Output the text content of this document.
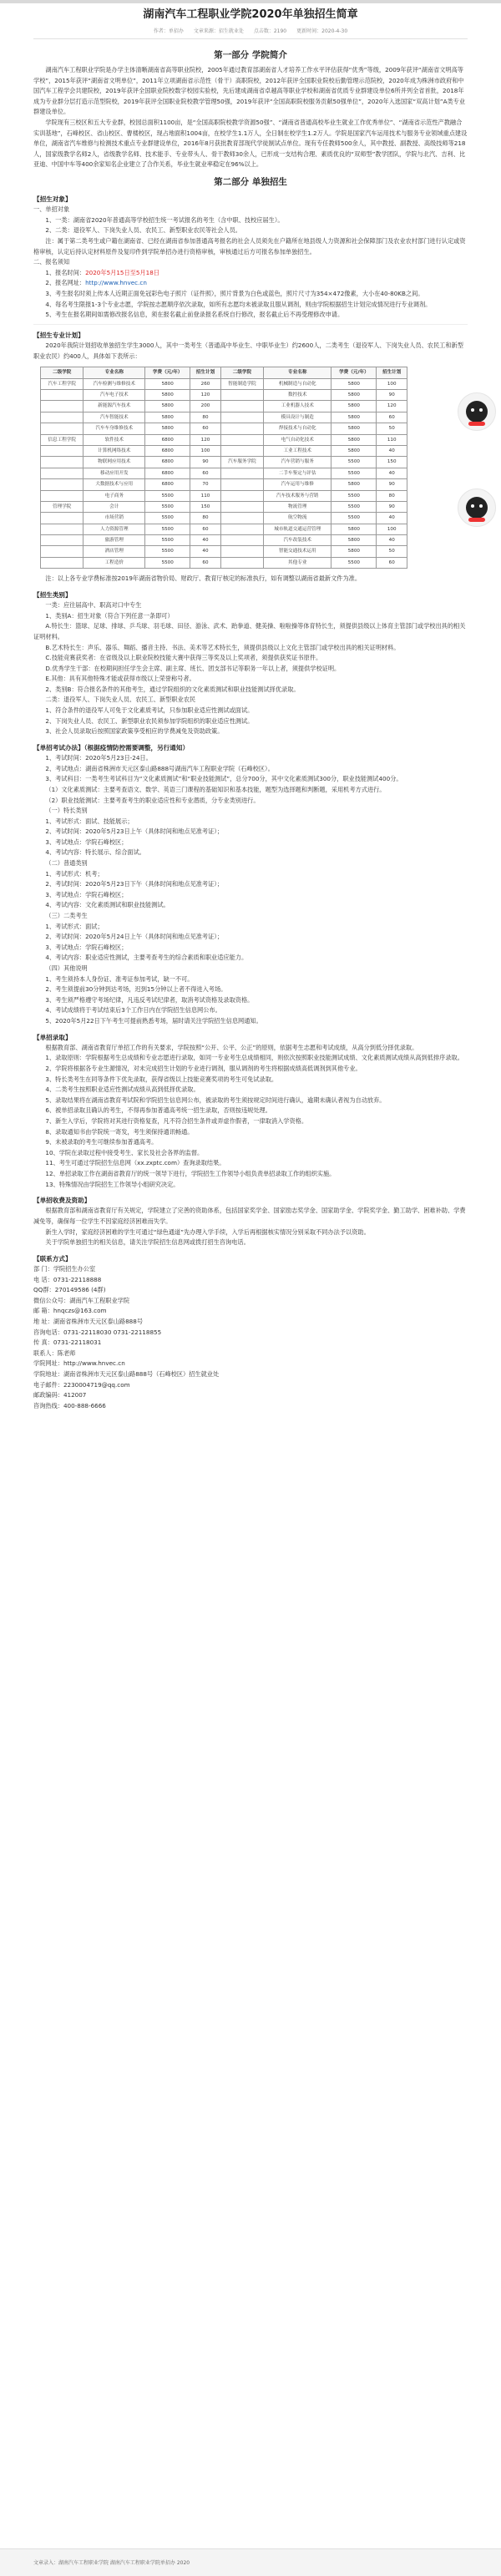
湖南汽车工程职业学院2020年单独招生简章
作者：单招办 文章来源：招生就业处 点击数：2190 更新时间：2020-4-30
第一部分 学院简介

湖南汽车工程职业学院是办学主体清晰湖南省高等职业院校，2005年通过教育部湖南省人才培养工作水平评估获得“优秀”等级，2009年获评“湖南省文明高等学校”，2015年获评“湖南省文明单位”，2011年立项湖南省示范性（骨干）高职院校，2012年获评全国职业院校后勤管理示范院校，2020年成为株洲市政府和中国汽车工程学会共建院校，2019年获评全国职业院校数字校园实验校，先后建成湖南省卓越高等职业学校和湖南省优质专业群建设单位6所并列全省首批，2018年成为专业群分层打造示范型院校，2019年获评全国职业院校教学管理50强，2019年获评“全国高职院校服务贡献50强单位”，2020年入选国家“双高计划”A类专业群建设单位。

学院现有三校区和五大专业群，校园总面积1100亩，是“全国高职院校教学资源50强”、“湖南省普通高校毕业生就业工作优秀单位”、“湖南省示范性产教融合实训基地”，石峰校区、省山校区、曹楼校区，现占地面积1004亩，在校学生1.1万人，全日制在校学生1.2万人。学院是国家汽车运用技术与服务专业领域重点建设单位，湖南省汽车维修与检测技术重点专业群建设单位，2016年8月获批教育部现代学徒制试点单位。现有专任教师500余人，其中教授、副教授、高级技师等218人，国家级教学名师2人，省级教学名师、技术能手、专业带头人、骨干教师30余人，已形成一支结构合理、素质优良的“双师型”教学团队，学院与北汽、吉利、比亚迪、中国中车等400余家知名企业建立了合作关系，毕业生就业率稳定在96%以上。

第二部分 单独招生
【招生对象】

一、单招对象

1、一类：湖南省2020年普通高等学校招生统一考试报名的考生（含中职、技校应届生）。

2、二类：退役军人、下岗失业人员、农民工、新型职业农民等社会人员。

注：属于第二类考生或户籍在湖南省、已经在湖南省参加普通高考报名的社会人员须先在户籍所在地县级人力资源和社会保障部门及农业农村部门进行认定或资格审核，认定后持认定材料原件及复印件到学院单招办进行资格审核，审核通过后方可报名参加单独招生。

二、报名须知

1、报名时间：2020年5月15日至5月18日

2、报名网址：http://www.hnvec.cn

3、考生报名时须上传本人近期正面免冠彩色电子照片（证件照），照片背景为白色或蓝色，照片尺寸为354×472像素，大小在40-80KB之间。

4、每名考生限报1-3个专业志愿，学院按志愿顺序依次录取，如所有志愿均未被录取且服从调剂，则由学院根据招生计划完成情况进行专业调剂。

5、考生在报名期间如需修改报名信息，须在报名截止前登录报名系统自行修改，报名截止后不再受理修改申请。

【招生专业计划】

2020年我院计划招收单独招生学生3000人，其中一类考生（普通高中毕业生、中职毕业生）约2600人，二类考生（退役军人、下岗失业人员、农民工和新型职业农民）约400人，具体如下表所示：

二级学院	专业名称	学费（元/年）	招生计划	二级学院	专业名称	学费（元/年）	招生计划
汽车工程学院	汽车检测与维修技术	5800	260	智能制造学院	机械制造与自动化	5800	100
	汽车电子技术	5800	120		数控技术	5800	90
	新能源汽车技术	5800	200		工业机器人技术	5800	120
	汽车智能技术	5800	80		模具设计与制造	5800	60
	汽车车身维修技术	5800	60		焊接技术与自动化	5800	50
信息工程学院	软件技术	6800	120		电气自动化技术	5800	110
	计算机网络技术	6800	100		工业工程技术	5800	40
	物联网应用技术	6800	90	汽车服务学院	汽车营销与服务	5500	150
	移动应用开发	6800	60		二手车鉴定与评估	5500	40
	大数据技术与应用	6800	70		汽车运用与维修	5800	90
	电子商务	5500	110		汽车技术服务与营销	5500	80
管理学院	会计	5500	150		物流管理	5500	90
	市场营销	5500	80		航空物流	5500	40
	人力资源管理	5500	60		城市轨道交通运营管理	5800	100
	旅游管理	5500	40		汽车改装技术	5800	40
	酒店管理	5500	40		智能交通技术运用	5800	50
	工程造价	5500	60		其他专业	5500	60

注：以上各专业学费标准按2019年湖南省物价局、财政厅、教育厅核定的标准执行，如有调整以湖南省最新文件为准。

【招生类别】

一类：应往届高中、职高对口中专生

1、类别A：招生对象（符合下列任意一条即可）

A.特长生：篮球、足球、排球、乒乓球、羽毛球、田径、游泳、武术、跆拳道、健美操、啦啦操等体育特长生，须提供县级以上体育主管部门或学校出具的相关证明材料。

B.艺术特长生：声乐、器乐、舞蹈、播音主持、书法、美术等艺术特长生，须提供县级以上文化主管部门或学校出具的相关证明材料。

C.技能竞赛获奖者：在省级及以上职业院校技能大赛中获得三等奖及以上奖项者，须提供获奖证书原件。

D.优秀学生干部：在校期间担任学生会主席、副主席、班长、团支部书记等职务一年以上者，须提供学校证明。

E.其他：具有其他特殊才能或获得市级以上荣誉称号者。

2、类别B：符合报名条件的其他考生，通过学院组织的文化素质测试和职业技能测试择优录取。

二类：退役军人、下岗失业人员、农民工、新型职业农民

1、符合条件的退役军人可免于文化素质考试，只参加职业适应性测试或面试。

2、下岗失业人员、农民工、新型职业农民须参加学院组织的职业适应性测试。

3、社会人员录取后按照国家政策享受相应的学费减免及资助政策。

【单招考试办法】（根据疫情防控需要调整，另行通知）

1、考试时间：2020年5月23日-24日。

2、考试地点：湖南省株洲市天元区泰山路888号湖南汽车工程职业学院（石峰校区）。

3、考试科目：一类考生考试科目为“文化素质测试”和“职业技能测试”，总分700分，其中文化素质测试300分，职业技能测试400分。

（1）文化素质测试：主要考查语文、数学、英语三门课程的基础知识和基本技能，题型为选择题和判断题，采用机考方式进行。

（2）职业技能测试：主要考查考生的职业适应性和专业潜质，分专业类别进行。

（一）特长类别

1、考试形式：面试、技能展示；

2、考试时间：2020年5月23日上午（具体时间和地点见准考证）；

3、考试地点：学院石峰校区；

4、考试内容：特长展示、综合面试。

（二）普通类别

1、考试形式：机考；

2、考试时间：2020年5月23日下午（具体时间和地点见准考证）；

3、考试地点：学院石峰校区；

4、考试内容：文化素质测试和职业技能测试。

（三）二类考生

1、考试形式：面试；

2、考试时间：2020年5月24日上午（具体时间和地点见准考证）；

3、考试地点：学院石峰校区；

4、考试内容：职业适应性测试，主要考查考生的综合素质和职业适应能力。

（四）其他说明

1、考生须持本人身份证、准考证参加考试，缺一不可。

2、考生须提前30分钟到达考场，迟到15分钟以上者不得进入考场。

3、考生须严格遵守考场纪律，凡违反考试纪律者，取消考试资格及录取资格。

4、考试成绩将于考试结束后3个工作日内在学院招生信息网公布。

5、2020年5月22日下午考生可提前熟悉考场，届时请关注学院招生信息网通知。

【单招录取】

根据教育部、湖南省教育厅单招工作的有关要求，学院按照“公开、公平、公正”的原则，依据考生志愿和考试成绩，从高分到低分择优录取。

1、录取原则：学院根据考生总成绩和专业志愿进行录取，如同一专业考生总成绩相同，则依次按照职业技能测试成绩、文化素质测试成绩从高到低排序录取。

2、学院将根据各专业生源情况，对未完成招生计划的专业进行调剂，服从调剂的考生将根据成绩高低调剂到其他专业。

3、特长类考生在同等条件下优先录取，获得省级以上技能竞赛奖项的考生可免试录取。

4、二类考生按照职业适应性测试成绩从高到低择优录取。

5、录取结果将在湖南省教育考试院和学院招生信息网公布，被录取的考生须按规定时间进行确认，逾期未确认者视为自动放弃。

6、被单招录取且确认的考生，不得再参加普通高考统一招生录取，否则按违规处理。

7、新生入学后，学院将对其进行资格复查，凡不符合招生条件或弄虚作假者，一律取消入学资格。

8、录取通知书由学院统一寄发，考生须保持通讯畅通。

9、未被录取的考生可继续参加普通高考。

10、学院在录取过程中接受考生、家长及社会各界的监督。

11、考生可通过学院招生信息网（xx.zxptc.com）查询录取结果。

12、单招录取工作在湖南省教育厅的统一领导下进行，学院招生工作领导小组负责单招录取工作的组织实施。

13、特殊情况由学院招生工作领导小组研究决定。

【单招收费及资助】

根据教育部和湖南省教育厅有关规定，学院建立了完善的资助体系，包括国家奖学金、国家励志奖学金、国家助学金、学院奖学金、勤工助学、困难补助、学费减免等，确保每一位学生不因家庭经济困难而失学。

新生入学时，家庭经济困难的学生可通过“绿色通道”先办理入学手续，入学后再根据核实情况分别采取不同办法予以资助。

关于学院单独招生的相关信息，请关注学院招生信息网或拨打招生咨询电话。

【联系方式】

部 门：学院招生办公室

电 话：0731-22118888

QQ群：270149586 (4群)

微信公众号：湖南汽车工程职业学院

邮 箱：hnqczs@163.com

地 址：湖南省株洲市天元区泰山路888号

咨询电话：0731-22118030 0731-22118855

传 真：0731-22118031

联系人：陈老师

学院网址：http://www.hnvec.cn

学院地址：湖南省株洲市天元区泰山路888号（石峰校区）招生就业处

电子邮件：2230004719@qq.com

邮政编码：412007

咨询热线：400-888-6666

文章录入：湖南汽车工程职业学院 湖南汽车工程职业学院单招办 2020
